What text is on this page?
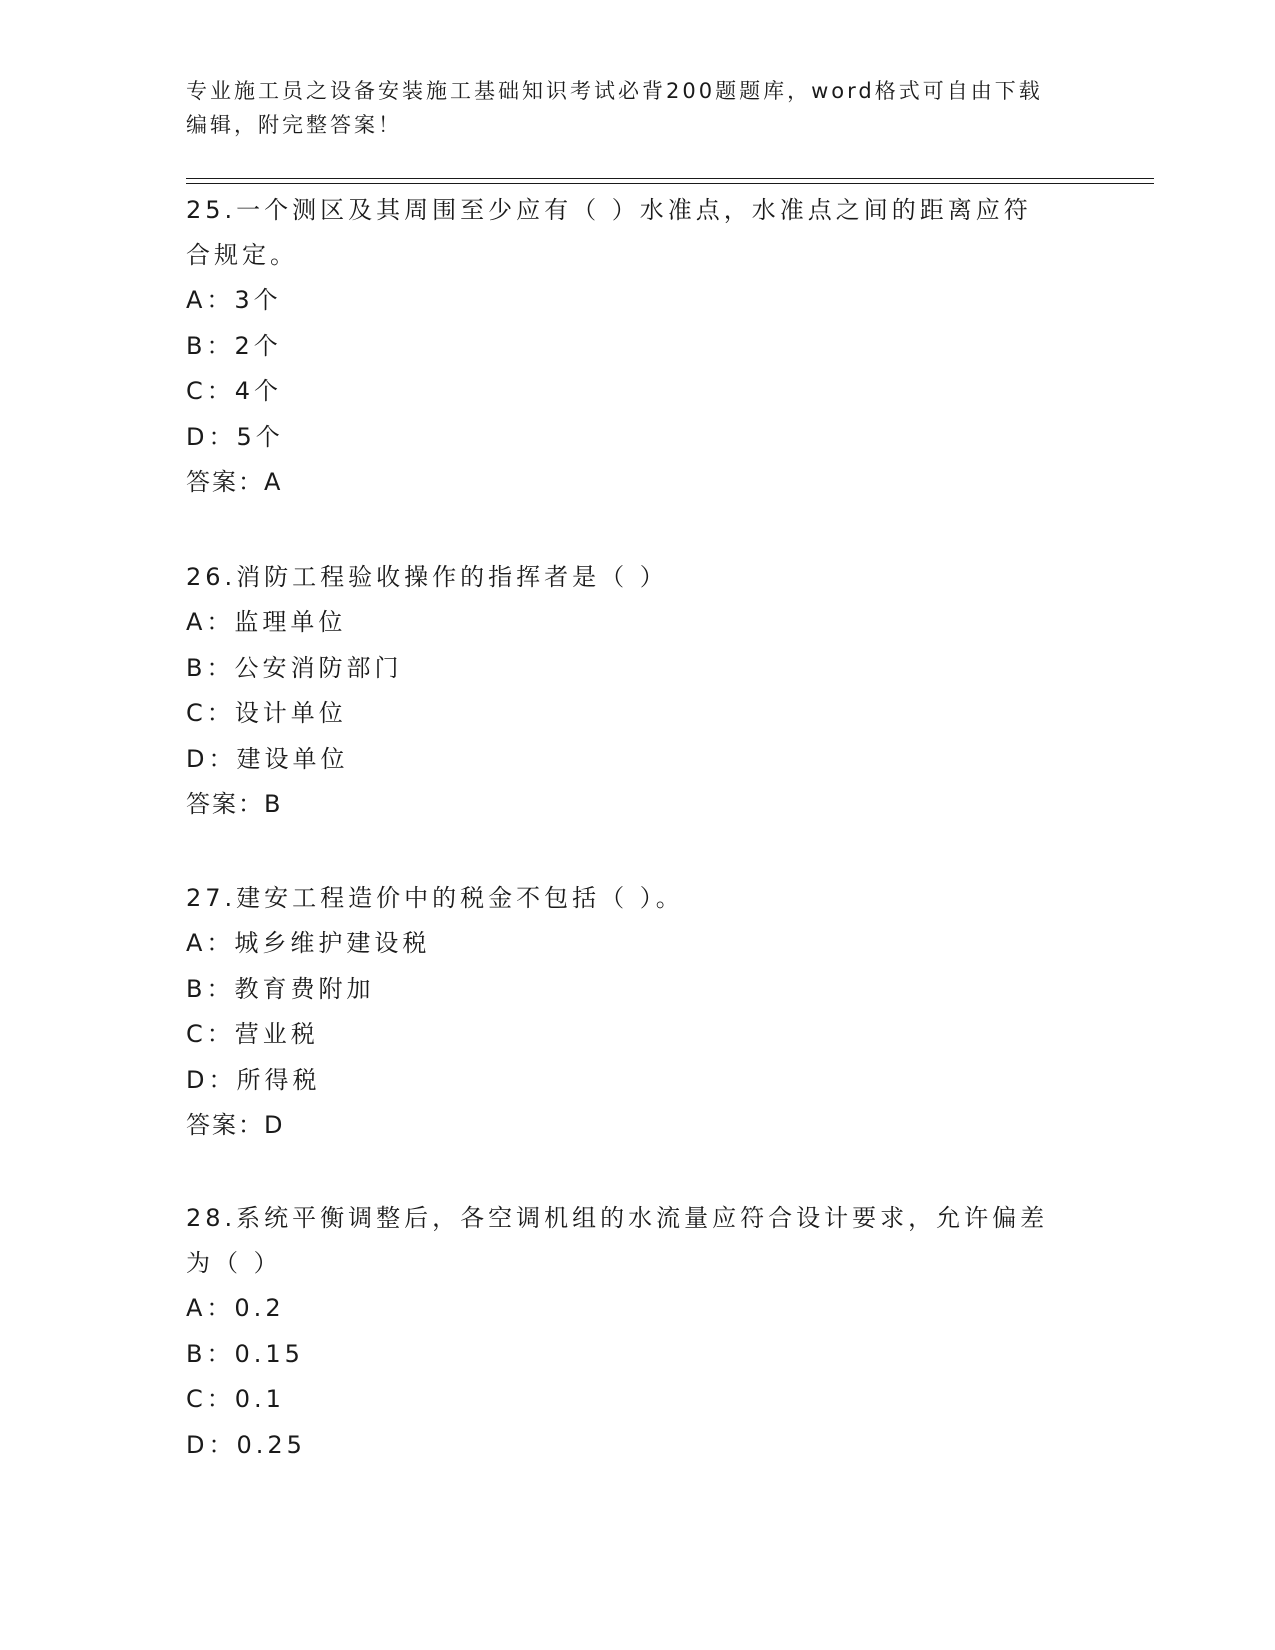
专业施工员之设备安装施工基础知识考试必背200题题库，word格式可自由下载
编辑，附完整答案！
25.一个测区及其周围至少应有（ ）水准点，水准点之间的距离应符
合规定。
A：3个
B：2个
C：4个
D：5个
答案：A
26.消防工程验收操作的指挥者是（ ）
A：监理单位
B：公安消防部门
C：设计单位
D：建设单位
答案：B
27.建安工程造价中的税金不包括（ ）。
A：城乡维护建设税
B：教育费附加
C：营业税
D：所得税
答案：D
28.系统平衡调整后，各空调机组的水流量应符合设计要求，允许偏差
为（ ）
A：0.2
B：0.15
C：0.1
D：0.25
